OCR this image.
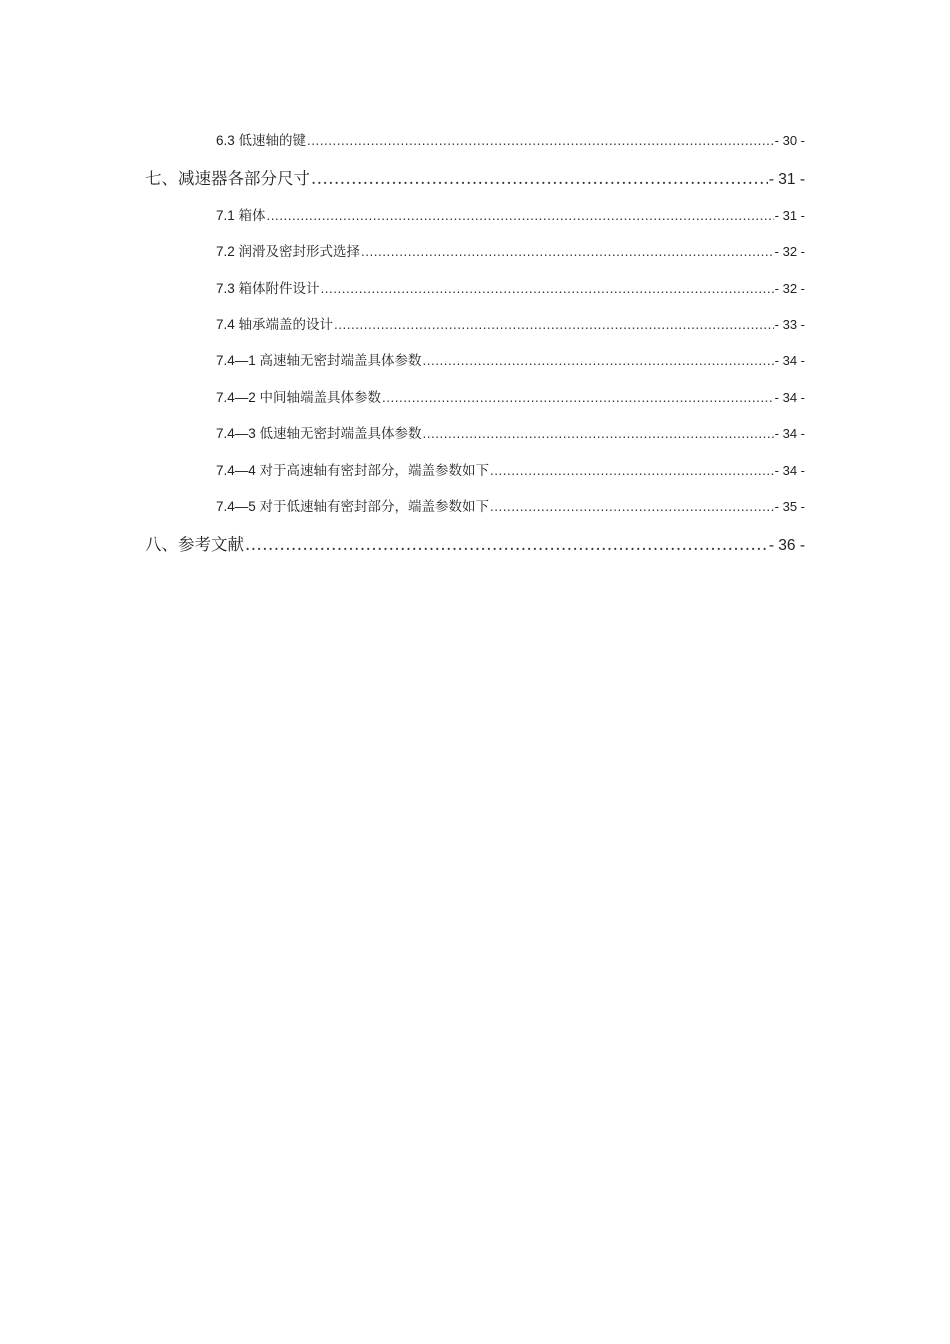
6.3 低速轴的键 .....	- 30 -
七、减速器各部分尺寸 .....	- 31 -
7.1 箱体 .....	- 31 -
7.2 润滑及密封形式选择 .....	- 32 -
7.3 箱体附件设计 .....	- 32 -
7.4 轴承端盖的设计 .....	- 33 -
7.4—1 高速轴无密封端盖具体参数 .....	- 34 -
7.4—2 中间轴端盖具体参数 .....	- 34 -
7.4—3 低速轴无密封端盖具体参数 .....	- 34 -
7.4—4 对于高速轴有密封部分，端盖参数如下 .....	- 34 -
7.4—5 对于低速轴有密封部分，端盖参数如下 .....	- 35 -
八、参考文献 .....	- 36 -
